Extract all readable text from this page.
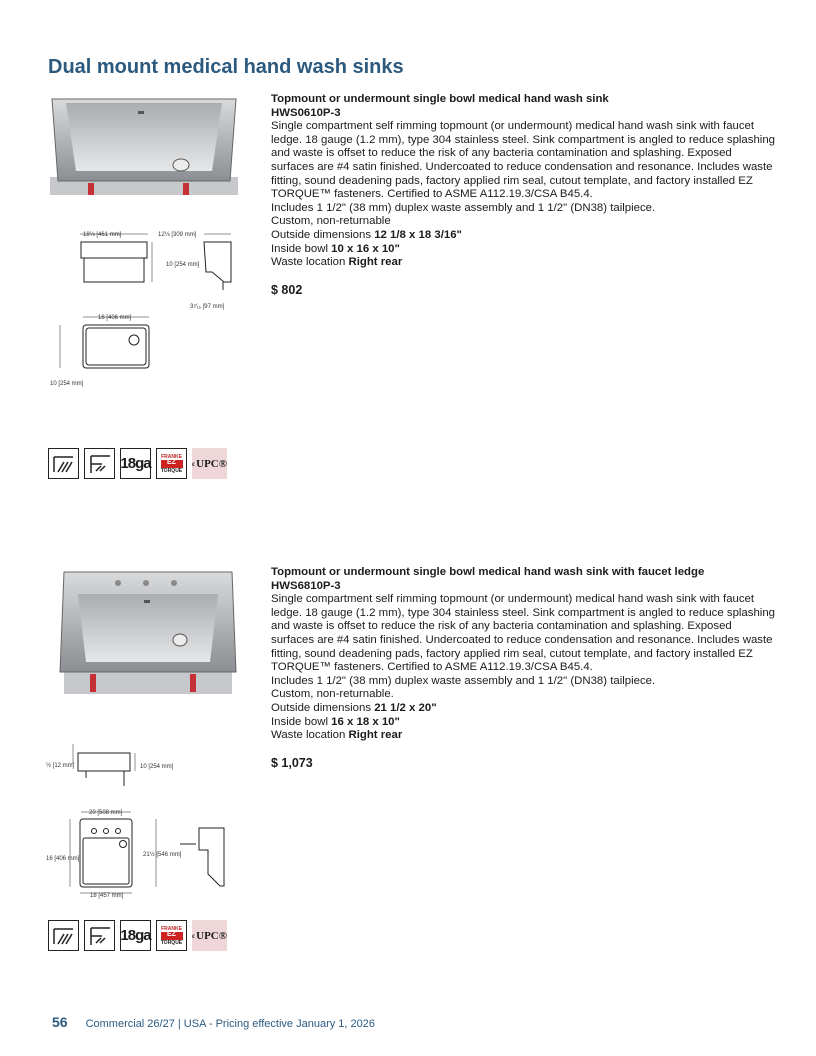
Dual mount medical hand wash sinks
18⅛ [461 mm]	12⅛ [309 mm]
10 [254 mm]
3⁷⁄₁₆ [97 mm]
16 [406 mm]
10 [254 mm]
18ga FRANKE
EZ
TORQUE
c UPC®
Topmount or undermount single bowl medical hand wash sink
HWS0610P-3
Single compartment self rimming topmount (or undermount) medical hand wash sink with faucet ledge. 18 gauge (1.2 mm), type 304 stainless steel. Sink compartment is angled to reduce splashing and waste is offset to reduce the risk of any bacteria contamination and splashing. Exposed surfaces are #4 satin finished. Undercoated to reduce condensation and resonance. Includes waste fitting, sound deadening pads, factory applied rim seal, cutout template, and factory installed EZ TORQUE™ fasteners. Certified to ASME A112.19.3/CSA B45.4.
Includes 1 1/2" (38 mm) duplex waste assembly and 1 1/2" (DN38) tailpiece.
Custom, non-returnable
Outside dimensions 12 1/8 x 18 3/16"
Inside bowl 10 x 16 x 10"
Waste location Right rear
$ 802
½ [12 mm]	10 [254 mm]
20 [508 mm]
16 [406 mm]
21½ [546 mm]
18 [457 mm]
18ga FRANKE
EZ
TORQUE
c UPC®
Topmount or undermount single bowl medical hand wash sink with faucet ledge
HWS6810P-3
Single compartment self rimming topmount (or undermount) medical hand wash sink with faucet ledge. 18 gauge (1.2 mm), type 304 stainless steel. Sink compartment is angled to reduce splashing and waste is offset to reduce the risk of any bacteria contamination and splashing. Exposed surfaces are #4 satin finished. Undercoated to reduce condensation and resonance. Includes waste fitting, sound deadening pads, factory applied rim seal, cutout template, and factory installed EZ TORQUE™ fasteners. Certified to ASME A112.19.3/CSA B45.4.
Includes 1 1/2" (38 mm) duplex waste assembly and 1 1/2" (DN38) tailpiece.
Custom, non-returnable.
Outside dimensions 21 1/2 x 20"
Inside bowl 16 x 18 x 10"
Waste location Right rear
$ 1,073
56 Commercial 26/27 | USA - Pricing effective January 1, 2026
